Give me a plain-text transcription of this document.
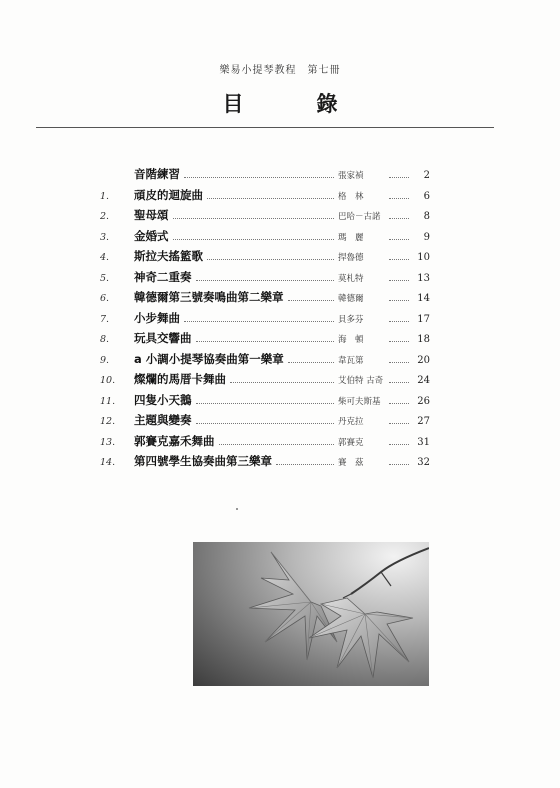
樂易小提琴教程　第七冊
目　錄
音階練習	張家禎	2
1.	頑皮的迴旋曲	格　林	6
2.	聖母頌	巴哈－古諾	8
3.	金婚式	瑪　麗	9
4.	斯拉夫搖籃歌	捍魯德	10
5.	神奇二重奏	莫札特	13
6.	韓德爾第三號奏鳴曲第二樂章	韓德爾	14
7.	小步舞曲	貝多芬	17
8.	玩具交響曲	海　頓	18
9.	a 小調小提琴協奏曲第一樂章	韋瓦第	20
10.	燦爛的馬厝卡舞曲	艾伯特 古奇	24
11.	四隻小天鵝	柴可夫斯基	26
12.	主題與變奏	丹克拉	27
13.	郭賽克嘉禾舞曲	郭賽克	31
14.	第四號學生協奏曲第三樂章	賽　茲	32
